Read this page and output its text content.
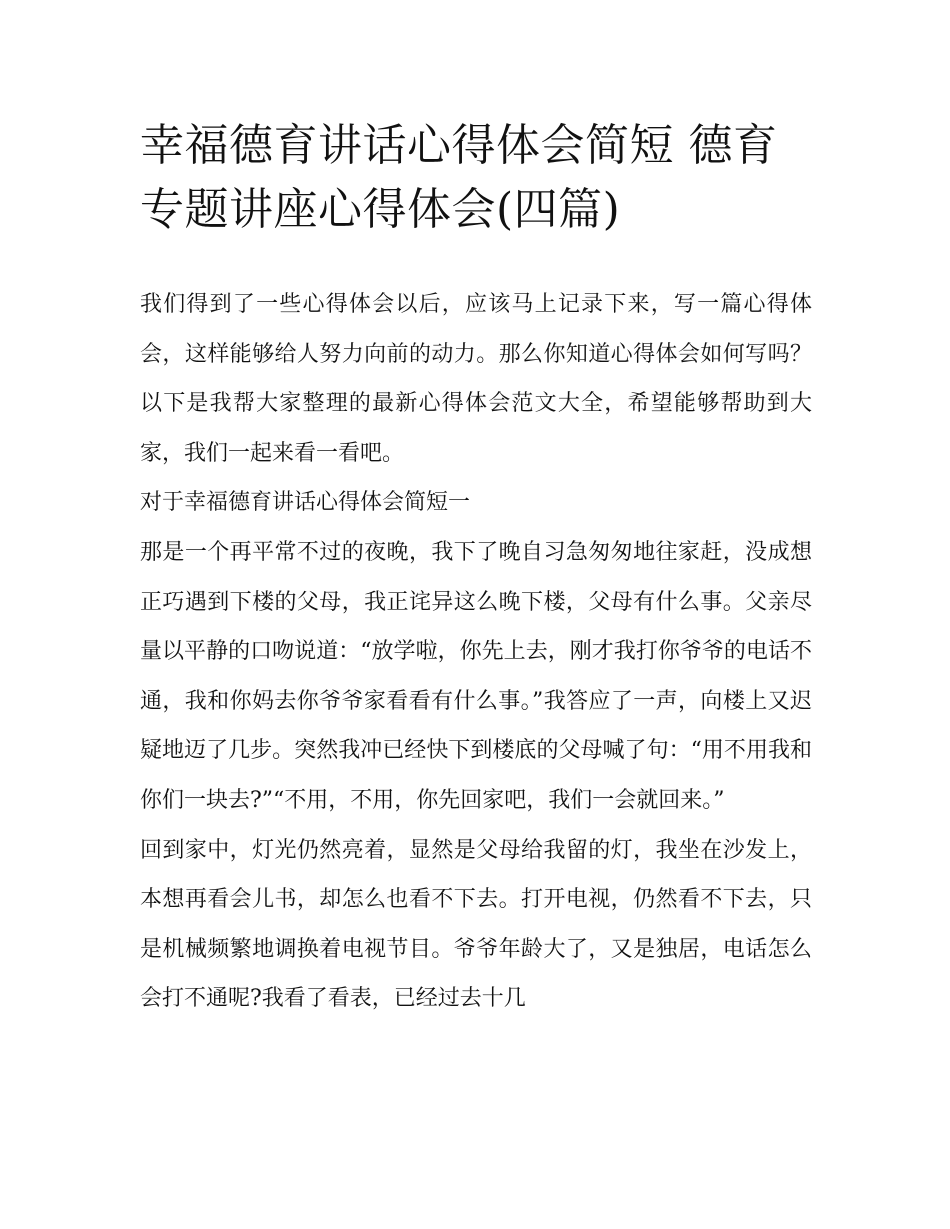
幸福德育讲话心得体会简短 德育专题讲座心得体会(四篇)

我们得到了一些心得体会以后，应该马上记录下来，写一篇心得体会，这样能够给人努力向前的动力。那么你知道心得体会如何写吗？以下是我帮大家整理的最新心得体会范文大全，希望能够帮助到大家，我们一起来看一看吧。

对于幸福德育讲话心得体会简短一

那是一个再平常不过的夜晚，我下了晚自习急匆匆地往家赶，没成想正巧遇到下楼的父母，我正诧异这么晚下楼，父母有什么事。父亲尽量以平静的口吻说道：“放学啦，你先上去，刚才我打你爷爷的电话不通，我和你妈去你爷爷家看看有什么事。”我答应了一声，向楼上又迟疑地迈了几步。突然我冲已经快下到楼底的父母喊了句：“用不用我和你们一块去?”“不用，不用，你先回家吧，我们一会就回来。”

回到家中，灯光仍然亮着，显然是父母给我留的灯，我坐在沙发上，本想再看会儿书，却怎么也看不下去。打开电视，仍然看不下去，只是机械频繁地调换着电视节目。爷爷年龄大了，又是独居，电话怎么会打不通呢?我看了看表，已经过去十几
